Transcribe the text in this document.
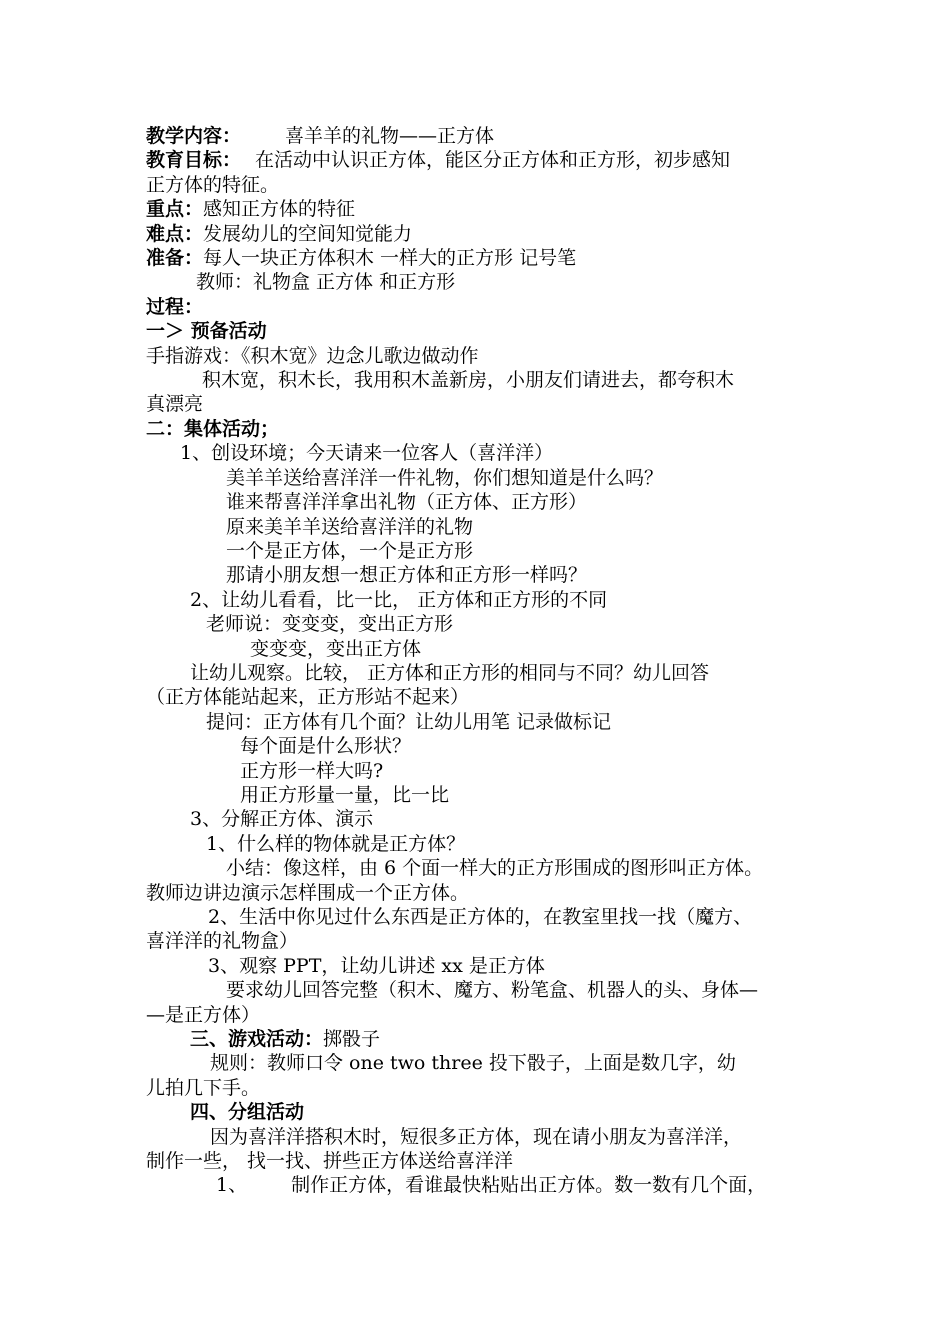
教学内容： 喜羊羊的礼物——正方体
教育目标： 在活动中认识正方体，能区分正方体和正方形，初步感知
正方体的特征。
重点：感知正方体的特征
难点：发展幼儿的空间知觉能力
准备：每人一块正方体积木 一样大的正方形 记号笔
教师：礼物盒 正方体 和正方形
过程：
一＞ 预备活动
手指游戏：《积木宽》边念儿歌边做动作
积木宽，积木长，我用积木盖新房，小朋友们请进去，都夸积木
真漂亮
二：集体活动；
1、创设环境；今天请来一位客人（喜洋洋）
美羊羊送给喜洋洋一件礼物，你们想知道是什么吗？
谁来帮喜洋洋拿出礼物（正方体、正方形）
原来美羊羊送给喜洋洋的礼物
一个是正方体，一个是正方形
那请小朋友想一想正方体和正方形一样吗？
2、让幼儿看看，比一比， 正方体和正方形的不同
老师说：变变变，变出正方形
变变变，变出正方体
让幼儿观察。比较， 正方体和正方形的相同与不同？幼儿回答
（正方体能站起来，正方形站不起来）
提问：正方体有几个面？让幼儿用笔 记录做标记
每个面是什么形状？
正方形一样大吗?
用正方形量一量，比一比
3、分解正方体、演示
1、什么样的物体就是正方体？
小结：像这样，由 6 个面一样大的正方形围成的图形叫正方体。
教师边讲边演示怎样围成一个正方体。
2、生活中你见过什么东西是正方体的，在教室里找一找（魔方、
喜洋洋的礼物盒）
3、观察 PPT，让幼儿讲述 xx 是正方体
要求幼儿回答完整（积木、魔方、粉笔盒、机器人的头、身体—
—是正方体）
三、游戏活动：掷骰子
规则：教师口令 one two three 投下骰子，上面是数几字，幼
儿拍几下手。
四、分组活动
因为喜洋洋搭积木时，短很多正方体，现在请小朋友为喜洋洋，
制作一些， 找一找、拼些正方体送给喜洋洋
1、 制作正方体，看谁最快粘贴出正方体。数一数有几个面，
